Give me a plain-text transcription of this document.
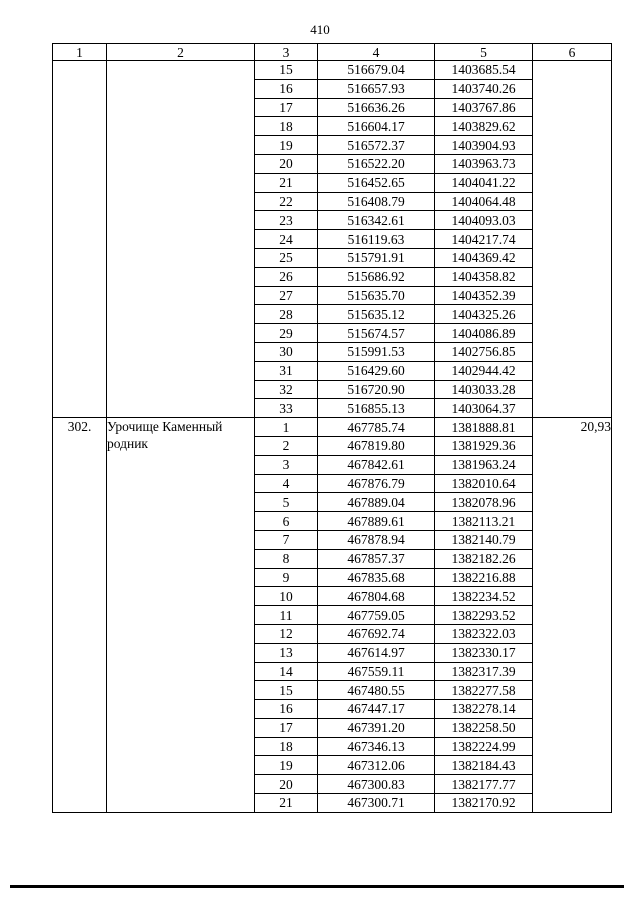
410
1	2	3	4	5	6
		15	516679.04	1403685.54	
		16	516657.93	1403740.26	
		17	516636.26	1403767.86	
		18	516604.17	1403829.62	
		19	516572.37	1403904.93	
		20	516522.20	1403963.73	
		21	516452.65	1404041.22	
		22	516408.79	1404064.48	
		23	516342.61	1404093.03	
		24	516119.63	1404217.74	
		25	515791.91	1404369.42	
		26	515686.92	1404358.82	
		27	515635.70	1404352.39	
		28	515635.12	1404325.26	
		29	515674.57	1404086.89	
		30	515991.53	1402756.85	
		31	516429.60	1402944.42	
		32	516720.90	1403033.28	
		33	516855.13	1403064.37	
302.	Урочище Каменный родник	1	467785.74	1381888.81	20,93
		2	467819.80	1381929.36	
		3	467842.61	1381963.24	
		4	467876.79	1382010.64	
		5	467889.04	1382078.96	
		6	467889.61	1382113.21	
		7	467878.94	1382140.79	
		8	467857.37	1382182.26	
		9	467835.68	1382216.88	
		10	467804.68	1382234.52	
		11	467759.05	1382293.52	
		12	467692.74	1382322.03	
		13	467614.97	1382330.17	
		14	467559.11	1382317.39	
		15	467480.55	1382277.58	
		16	467447.17	1382278.14	
		17	467391.20	1382258.50	
		18	467346.13	1382224.99	
		19	467312.06	1382184.43	
		20	467300.83	1382177.77	
		21	467300.71	1382170.92	
